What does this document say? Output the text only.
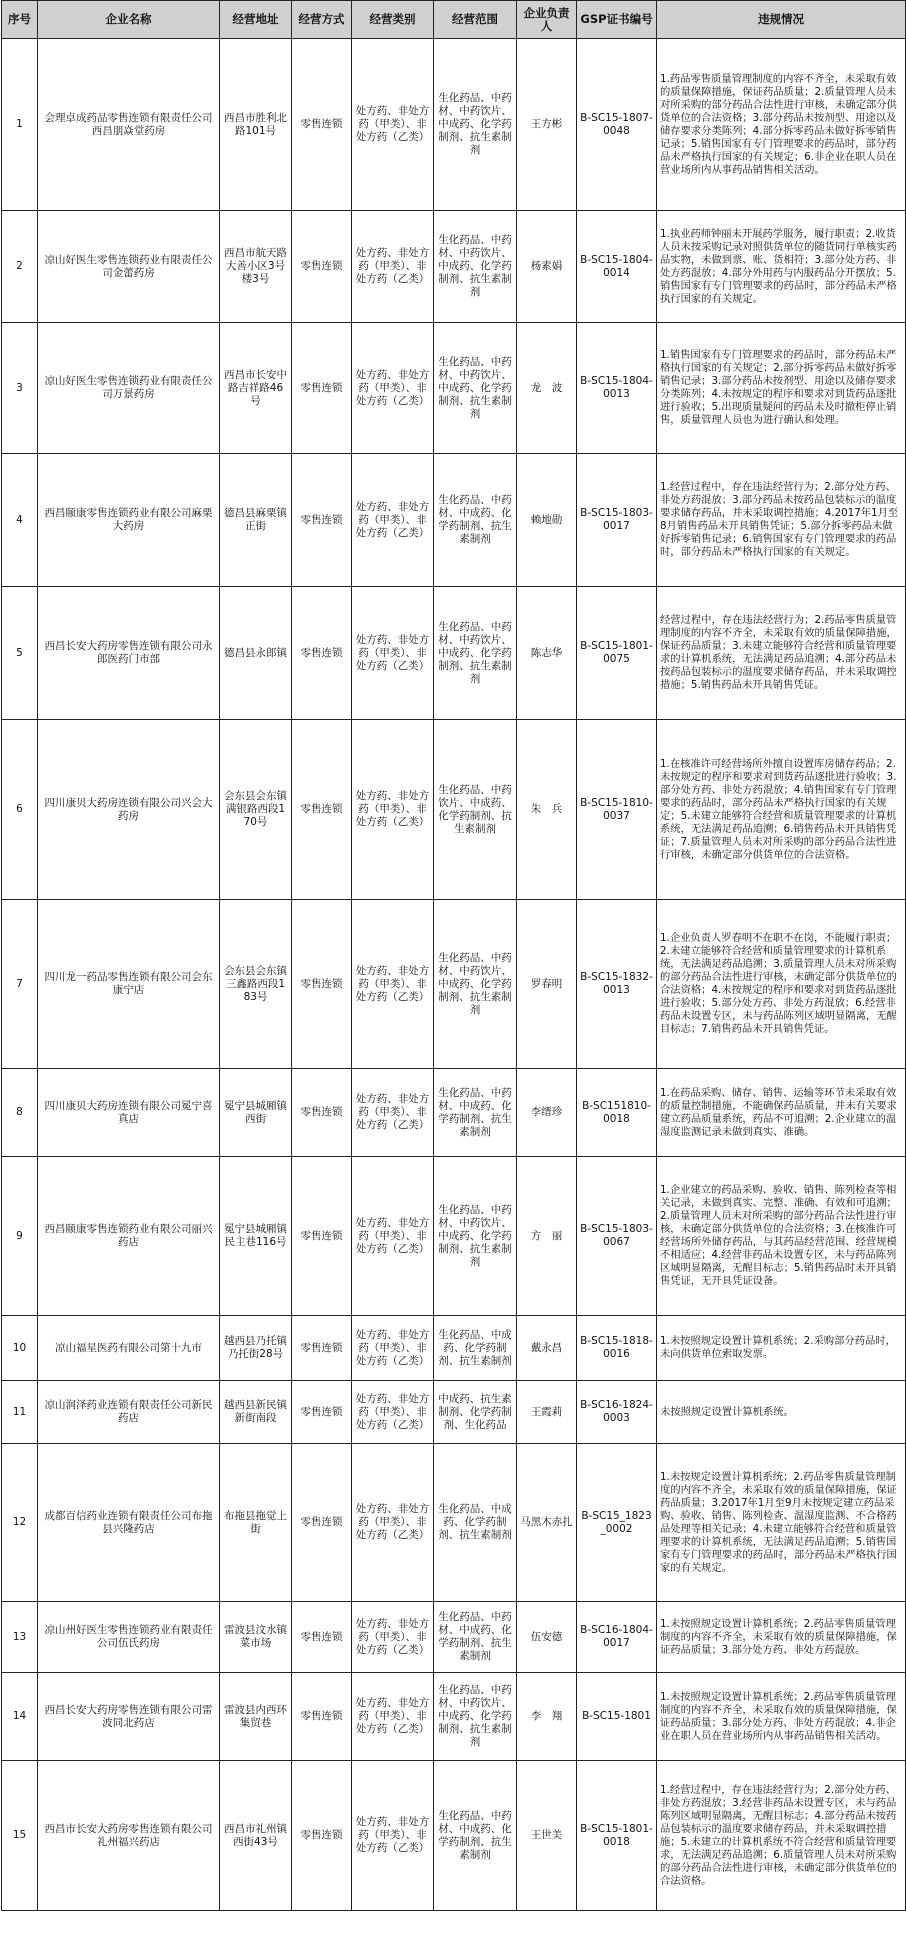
序号	企业名称	经营地址	经营方式	经营类别	经营范围	企业负责人	GSP证书编号	违规情况
1	会理卓成药品零售连锁有限责任公司西昌朋焱堂药房	西昌市胜利北路101号	零售连锁	处方药、非处方药（甲类）、非处方药（乙类）	生化药品、中药材、中药饮片、中成药、化学药制剂、抗生素制剂	王方彬	B-SC15-1807-0048	1.药品零售质量管理制度的内容不齐全，未采取有效的质量保障措施，保证药品质量；2.质量管理人员未对所采购的部分药品合法性进行审核，未确定部分供货单位的合法资格；3.部分药品未按剂型、用途以及储存要求分类陈列；4.部分拆零药品未做好拆零销售记录；5.销售国家有专门管理要求的药品时，部分药品未严格执行国家的有关规定；6.非企业在职人员在营业场所内从事药品销售相关活动。
2	凉山好医生零售连锁药业有限责任公司金蕾药房	西昌市航天路大善小区3号楼3号	零售连锁	处方药、非处方药（甲类）、非处方药（乙类）	生化药品、中药材、中药饮片、中成药、化学药制剂、抗生素制剂	杨素娟	B-SC15-1804-0014	1.执业药师钟丽未开展药学服务，履行职责；2.收货人员未按采购记录对照供货单位的随货同行单核实药品实物，未做到票、账、货相符；3.部分处方药、非处方药混放；4.部分外用药与内服药品分开摆放；5.销售国家有专门管理要求的药品时，部分药品未严格执行国家的有关规定。
3	凉山好医生零售连锁药业有限责任公司万景药房	西昌市长安中路吉祥路46号	零售连锁	处方药、非处方药（甲类）、非处方药（乙类）	生化药品、中药材、中药饮片、中成药、化学药制剂、抗生素制剂	龙　波	B-SC15-1804-0013	1.销售国家有专门管理要求的药品时，部分药品未严格执行国家的有关规定；2.部分拆零药品未做好拆零销售记录；3.部分药品未按剂型、用途以及储存要求分类陈列；4.未按规定的程序和要求对到货药品逐批进行验收；5.出现质量疑问的药品未及时撤柜停止销售，质量管理人员也为进行确认和处理。
4	西昌颐康零售连锁药业有限公司麻栗大药房	德昌县麻栗镇正街	零售连锁	处方药、非处方药（甲类）、非处方药（乙类）	生化药品、中药材、中成药、化学药制剂、抗生素制剂	赖地勋	B-SC15-1803-0017	1.经营过程中，存在违法经营行为；2.部分处方药、非处方药混放；3.部分药品未按药品包装标示的温度要求储存药品，并未采取调控措施；4.2017年1月至8月销售药品未开具销售凭证；5.部分拆零药品未做好拆零销售记录；6.销售国家有专门管理要求的药品时，部分药品未严格执行国家的有关规定。
5	西昌长安大药房零售连锁有限公司永郎医药门市部	德昌县永郎镇	零售连锁	处方药、非处方药（甲类）、非处方药（乙类）	生化药品、中药材、中药饮片、中成药、化学药制剂、抗生素制剂	陈志华	B-SC15-1801-0075	经营过程中，存在违法经营行为；2.药品零售质量管理制度的内容不齐全，未采取有效的质量保障措施，保证药品质量；3.未建立能够符合经营和质量管理要求的计算机系统，无法满足药品追溯；4.部分药品未按药品包装标示的温度要求储存药品，并未采取调控措施；5.销售药品未开具销售凭证。
6	四川康贝大药房连锁有限公司兴会大药房	会东县会东镇满银路西段170号	零售连锁	处方药、非处方药（甲类）、非处方药（乙类）	生化药品、中药饮片、中成药、化学药制剂、抗生素制剂	朱　兵	B-SC15-1810-0037	1.在核准许可经营场所外擅自设置库房储存药品；2.未按规定的程序和要求对到货药品逐批进行验收；3.部分处方药、非处方药混放；4.销售国家有专门管理要求的药品时，部分药品未严格执行国家的有关规定；5.未建立能够符合经营和质量管理要求的计算机系统，无法满足药品追溯；6.销售药品未开具销售凭证；7.质量管理人员未对所采购的部分药品合法性进行审核，未确定部分供货单位的合法资格。
7	四川龙一药品零售连锁有限公司会东康宁店	会东县会东镇三鑫路西段183号	零售连锁	处方药、非处方药（甲类）、非处方药（乙类）	生化药品、中药材、中药饮片、中成药、化学药制剂、抗生素制剂	罗春明	B-SC15-1832-0013	1.企业负责人罗春明不在职不在岗，不能履行职责；2.未建立能够符合经营和质量管理要求的计算机系统，无法满足药品追溯；3.质量管理人员未对所采购的部分药品合法性进行审核，未确定部分供货单位的合法资格；4.未按规定的程序和要求对到货药品逐批进行验收；5.部分处方药、非处方药混放；6.经营非药品未设置专区，未与药品陈列区域明显隔离，无醒目标志；7.销售药品未开具销售凭证。
8	四川康贝大药房连锁有限公司冕宁喜真店	冕宁县城厢镇西街	零售连锁	处方药、非处方药（甲类）、非处方药（乙类）	生化药品、中药材、中成药、化学药制剂、抗生素制剂	李缙珍	B-SC151810-0018	1.在药品采购、储存、销售、运输等环节未采取有效的质量控制措施，不能确保药品质量，并未有关要求建立药品质量系统，药品不可追溯；2.企业建立的温湿度监测记录未做到真实、准确。
9	西昌颐康零售连锁药业有限公司丽兴药店	冕宁县城厢镇民主巷116号	零售连锁	处方药、非处方药（甲类）、非处方药（乙类）	生化药品、中药材、中药饮片、中成药、化学药制剂、抗生素制剂	方　丽	B-SC15-1803-0067	1.企业建立的药品采购、验收、销售、陈列检查等相关记录，未做到真实、完整、准确、有效和可追溯；2.质量管理人员未对所采购的部分药品合法性进行审核，未确定部分供货单位的合法资格；3.在核准许可经营场所外储存药品，与其药品经营范围、经营规模不相适应；4.经营非药品未设置专区，未与药品陈列区域明显隔离，无醒目标志；5.销售药品时未开具销售凭证，无开具凭证设备。
10	凉山福星医药有限公司第十九市	越西县乃托镇乃托街28号	零售连锁	处方药、非处方药（甲类）、非处方药（乙类）	生化药品、中成药、化学药制剂、抗生素制剂	戴永昌	B-SC15-1818-0016	1.未按照规定设置计算机系统；2.采购部分药品时，未向供货单位索取发票。
11	凉山润泽药业连锁有限责任公司新民药店	越西县新民镇新街南段	零售连锁	处方药、非处方药（甲类）、非处方药（乙类）	中成药、抗生素制剂、化学药制剂、生化药品	王霞莉	B-SC16-1824-0003	未按照规定设置计算机系统。
12	成都百信药业连锁有限责任公司布拖县兴隆药店	布拖县拖觉上街	零售连锁	处方药、非处方药（甲类）、非处方药（乙类）	生化药品、中成药、化学药制剂、抗生素制剂	马黑木赤扎	B-SC15_1823_0002	1.未按规定设置计算机系统；2.药品零售质量管理制度的内容不齐全，未采取有效的质量保障措施，保证药品质量；3.2017年1月至9月未按规定建立药品采购、验收、销售、陈列检查、温湿度监测、不合格药品处理等相关记录；4.未建立能够符合经营和质量管理要求的计算机系统，无法满足药品追溯；5.销售国家有专门管理要求的药品时，部分药品未严格执行国家的有关规定。
13	凉山州好医生零售连锁药业有限责任公司伍氏药房	雷波县汶水镇菜市场	零售连锁	处方药、非处方药（甲类）、非处方药（乙类）	生化药品、中药材、中成药、化学药制剂、抗生素制剂	伍安德	B-SC16-1804-0017	1.未按照规定设置计算机系统；2.药品零售质量管理制度的内容不齐全，未采取有效的质量保障措施，保证药品质量；3.部分处方药、非处方药混放。
14	西昌长安大药房零售连锁有限公司雷波同北药店	雷波县内西环集贸巷	零售连锁	处方药、非处方药（甲类）、非处方药（乙类）	生化药品、中药材、中药饮片、中成药、化学药制剂、抗生素制剂	李　翔	B-SC15-1801	1.未按照规定设置计算机系统；2.药品零售质量管理制度的内容不齐全，未采取有效的质量保障措施，保证药品质量；3.部分处方药、非处方药混放；4.非企业在职人员在营业场所内从事药品销售相关活动。
15	西昌市长安大药房零售连锁有限公司礼州福兴药店	西昌市礼州镇西街43号	零售连锁	处方药、非处方药（甲类）、非处方药（乙类）	生化药品、中药材、中成药、化学药制剂、抗生素制剂	王世美	B-SC15-1801-0018	1.经营过程中，存在违法经营行为；2.部分处方药、非处方药混放；3.经营非药品未设置专区，未与药品陈列区域明显隔离，无醒目标志；4.部分药品未按药品包装标示的温度要求储存药品，并未采取调控措施；5.未建立的计算机系统不符合经营和质量管理要求，无法满足药品追溯；6.质量管理人员未对所采购的部分药品合法性进行审核，未确定部分供货单位的合法资格。
